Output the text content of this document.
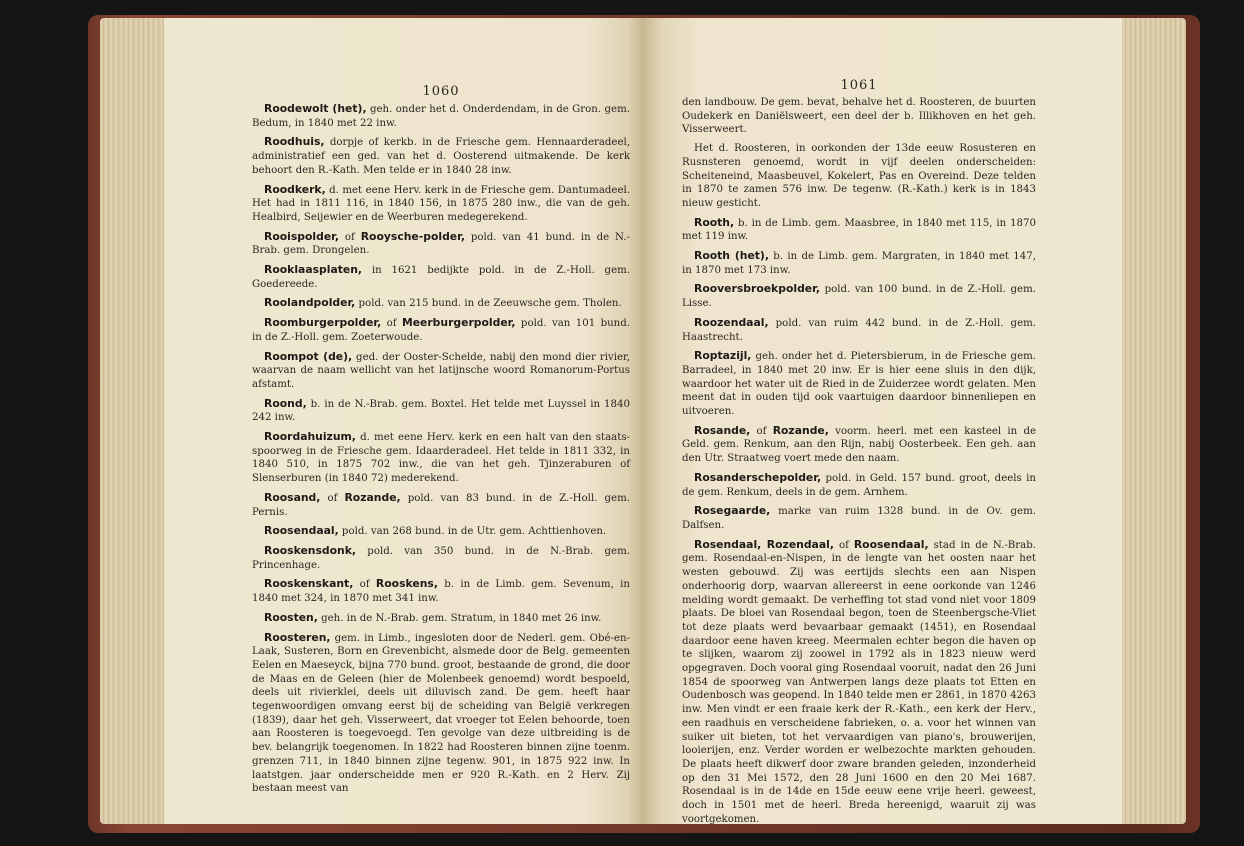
1060

Roodewolt (het), geh. onder het d. Onderdendam, in de Gron. gem. Bedum, in 1840 met 22 inw.

Roodhuis, dorpje of kerkb. in de Friesche gem. Hennaarderadeel, administratief een ged. van het d. Oosterend uitmakende. De kerk behoort den R.-Kath. Men telde er in 1840 28 inw.

Roodkerk, d. met eene Herv. kerk in de Friesche gem. Dantumadeel. Het had in 1811 116, in 1840 156, in 1875 280 inw., die van de geh. Healbird, Seijewier en de Weerburen medegerekend.

Rooispolder, of Rooysche-polder, pold. van 41 bund. in de N.-Brab. gem. Drongelen.

Rooklaasplaten, in 1621 bedijkte pold. in de Z.-Holl. gem. Goedereede.

Roolandpolder, pold. van 215 bund. in de Zeeuwsche gem. Tholen.

Roomburgerpolder, of Meerburgerpolder, pold. van 101 bund. in de Z.-Holl. gem. Zoeterwoude.

Roompot (de), ged. der Ooster-Schelde, nabij den mond dier rivier, waarvan de naam wellicht van het latijnsche woord Romanorum-Portus afstamt.

Roond, b. in de N.-Brab. gem. Boxtel. Het telde met Luyssel in 1840 242 inw.

Roordahuizum, d. met eene Herv. kerk en een halt van den staats-spoorweg in de Friesche gem. Idaarderadeel. Het telde in 1811 332, in 1840 510, in 1875 702 inw., die van het geh. Tjinzeraburen of Slenserburen (in 1840 72) mederekend.

Roosand, of Rozande, pold. van 83 bund. in de Z.-Holl. gem. Pernis.

Roosendaal, pold. van 268 bund. in de Utr. gem. Achttienhoven.

Rooskensdonk, pold. van 350 bund. in de N.-Brab. gem. Princenhage.

Rooskenskant, of Rooskens, b. in de Limb. gem. Sevenum, in 1840 met 324, in 1870 met 341 inw.

Roosten, geh. in de N.-Brab. gem. Stratum, in 1840 met 26 inw.

Roosteren, gem. in Limb., ingesloten door de Nederl. gem. Obé-en-Laak, Susteren, Born en Grevenbicht, alsmede door de Belg. gemeenten Eelen en Maeseyck, bijna 770 bund. groot, bestaande de grond, die door de Maas en de Geleen (hier de Molenbeek genoemd) wordt bespoeld, deels uit rivierklei, deels uit diluvisch zand. De gem. heeft haar tegenwoordigen omvang eerst bij de scheiding van België verkregen (1839), daar het geh. Visserweert, dat vroeger tot Eelen behoorde, toen aan Roosteren is toegevoegd. Ten gevolge van deze uitbreiding is de bev. belangrijk toegenomen. In 1822 had Roosteren binnen zijne toenm. grenzen 711, in 1840 binnen zijne tegenw. 901, in 1875 922 inw. In laatstgen. jaar onderscheidde men er 920 R.-Kath. en 2 Herv. Zij bestaan meest van

1061

den landbouw. De gem. bevat, behalve het d. Roosteren, de buurten Oudekerk en Daniëlsweert, een deel der b. Illikhoven en het geh. Visserweert.

Het d. Roosteren, in oorkonden der 13de eeuw Rosusteren en Rusnsteren genoemd, wordt in vijf deelen onderscheiden: Scheiteneind, Maasbeuvel, Kokelert, Pas en Overeind. Deze telden in 1870 te zamen 576 inw. De tegenw. (R.-Kath.) kerk is in 1843 nieuw gesticht.

Rooth, b. in de Limb. gem. Maasbree, in 1840 met 115, in 1870 met 119 inw.

Rooth (het), b. in de Limb. gem. Margraten, in 1840 met 147, in 1870 met 173 inw.

Rooversbroekpolder, pold. van 100 bund. in de Z.-Holl. gem. Lisse.

Roozendaal, pold. van ruim 442 bund. in de Z.-Holl. gem. Haastrecht.

Roptazijl, geh. onder het d. Pietersbierum, in de Friesche gem. Barradeel, in 1840 met 20 inw. Er is hier eene sluis in den dijk, waardoor het water uit de Ried in de Zuiderzee wordt gelaten. Men meent dat in ouden tijd ook vaartuigen daardoor binnenliepen en uitvoeren.

Rosande, of Rozande, voorm. heerl. met een kasteel in de Geld. gem. Renkum, aan den Rijn, nabij Oosterbeek. Een geh. aan den Utr. Straatweg voert mede den naam.

Rosanderschepolder, pold. in Geld. 157 bund. groot, deels in de gem. Renkum, deels in de gem. Arnhem.

Rosegaarde, marke van ruim 1328 bund. in de Ov. gem. Dalfsen.

Rosendaal, Rozendaal, of Roosendaal, stad in de N.-Brab. gem. Rosendaal-en-Nispen, in de lengte van het oosten naar het westen gebouwd. Zij was eertijds slechts een aan Nispen onderhoorig dorp, waarvan allereerst in eene oorkonde van 1246 melding wordt gemaakt. De verheffing tot stad vond niet voor 1809 plaats. De bloei van Rosendaal begon, toen de Steenbergsche-Vliet tot deze plaats werd bevaarbaar gemaakt (1451), en Rosendaal daardoor eene haven kreeg. Meermalen echter begon die haven op te slijken, waarom zij zoowel in 1792 als in 1823 nieuw werd opgegraven. Doch vooral ging Rosendaal vooruit, nadat den 26 Juni 1854 de spoorweg van Antwerpen langs deze plaats tot Etten en Oudenbosch was geopend. In 1840 telde men er 2861, in 1870 4263 inw. Men vindt er een fraaie kerk der R.-Kath., een kerk der Herv., een raadhuis en verscheidene fabrieken, o. a. voor het winnen van suiker uit bieten, tot het vervaardigen van piano's, brouwerijen, looierijen, enz. Verder worden er welbezochte markten gehouden. De plaats heeft dikwerf door zware branden geleden, inzonderheid op den 31 Mei 1572, den 28 Juni 1600 en den 20 Mei 1687. Rosendaal is in de 14de en 15de eeuw eene vrije heerl. geweest, doch in 1501 met de heerl. Breda hereenigd, waaruit zij was voortgekomen.
